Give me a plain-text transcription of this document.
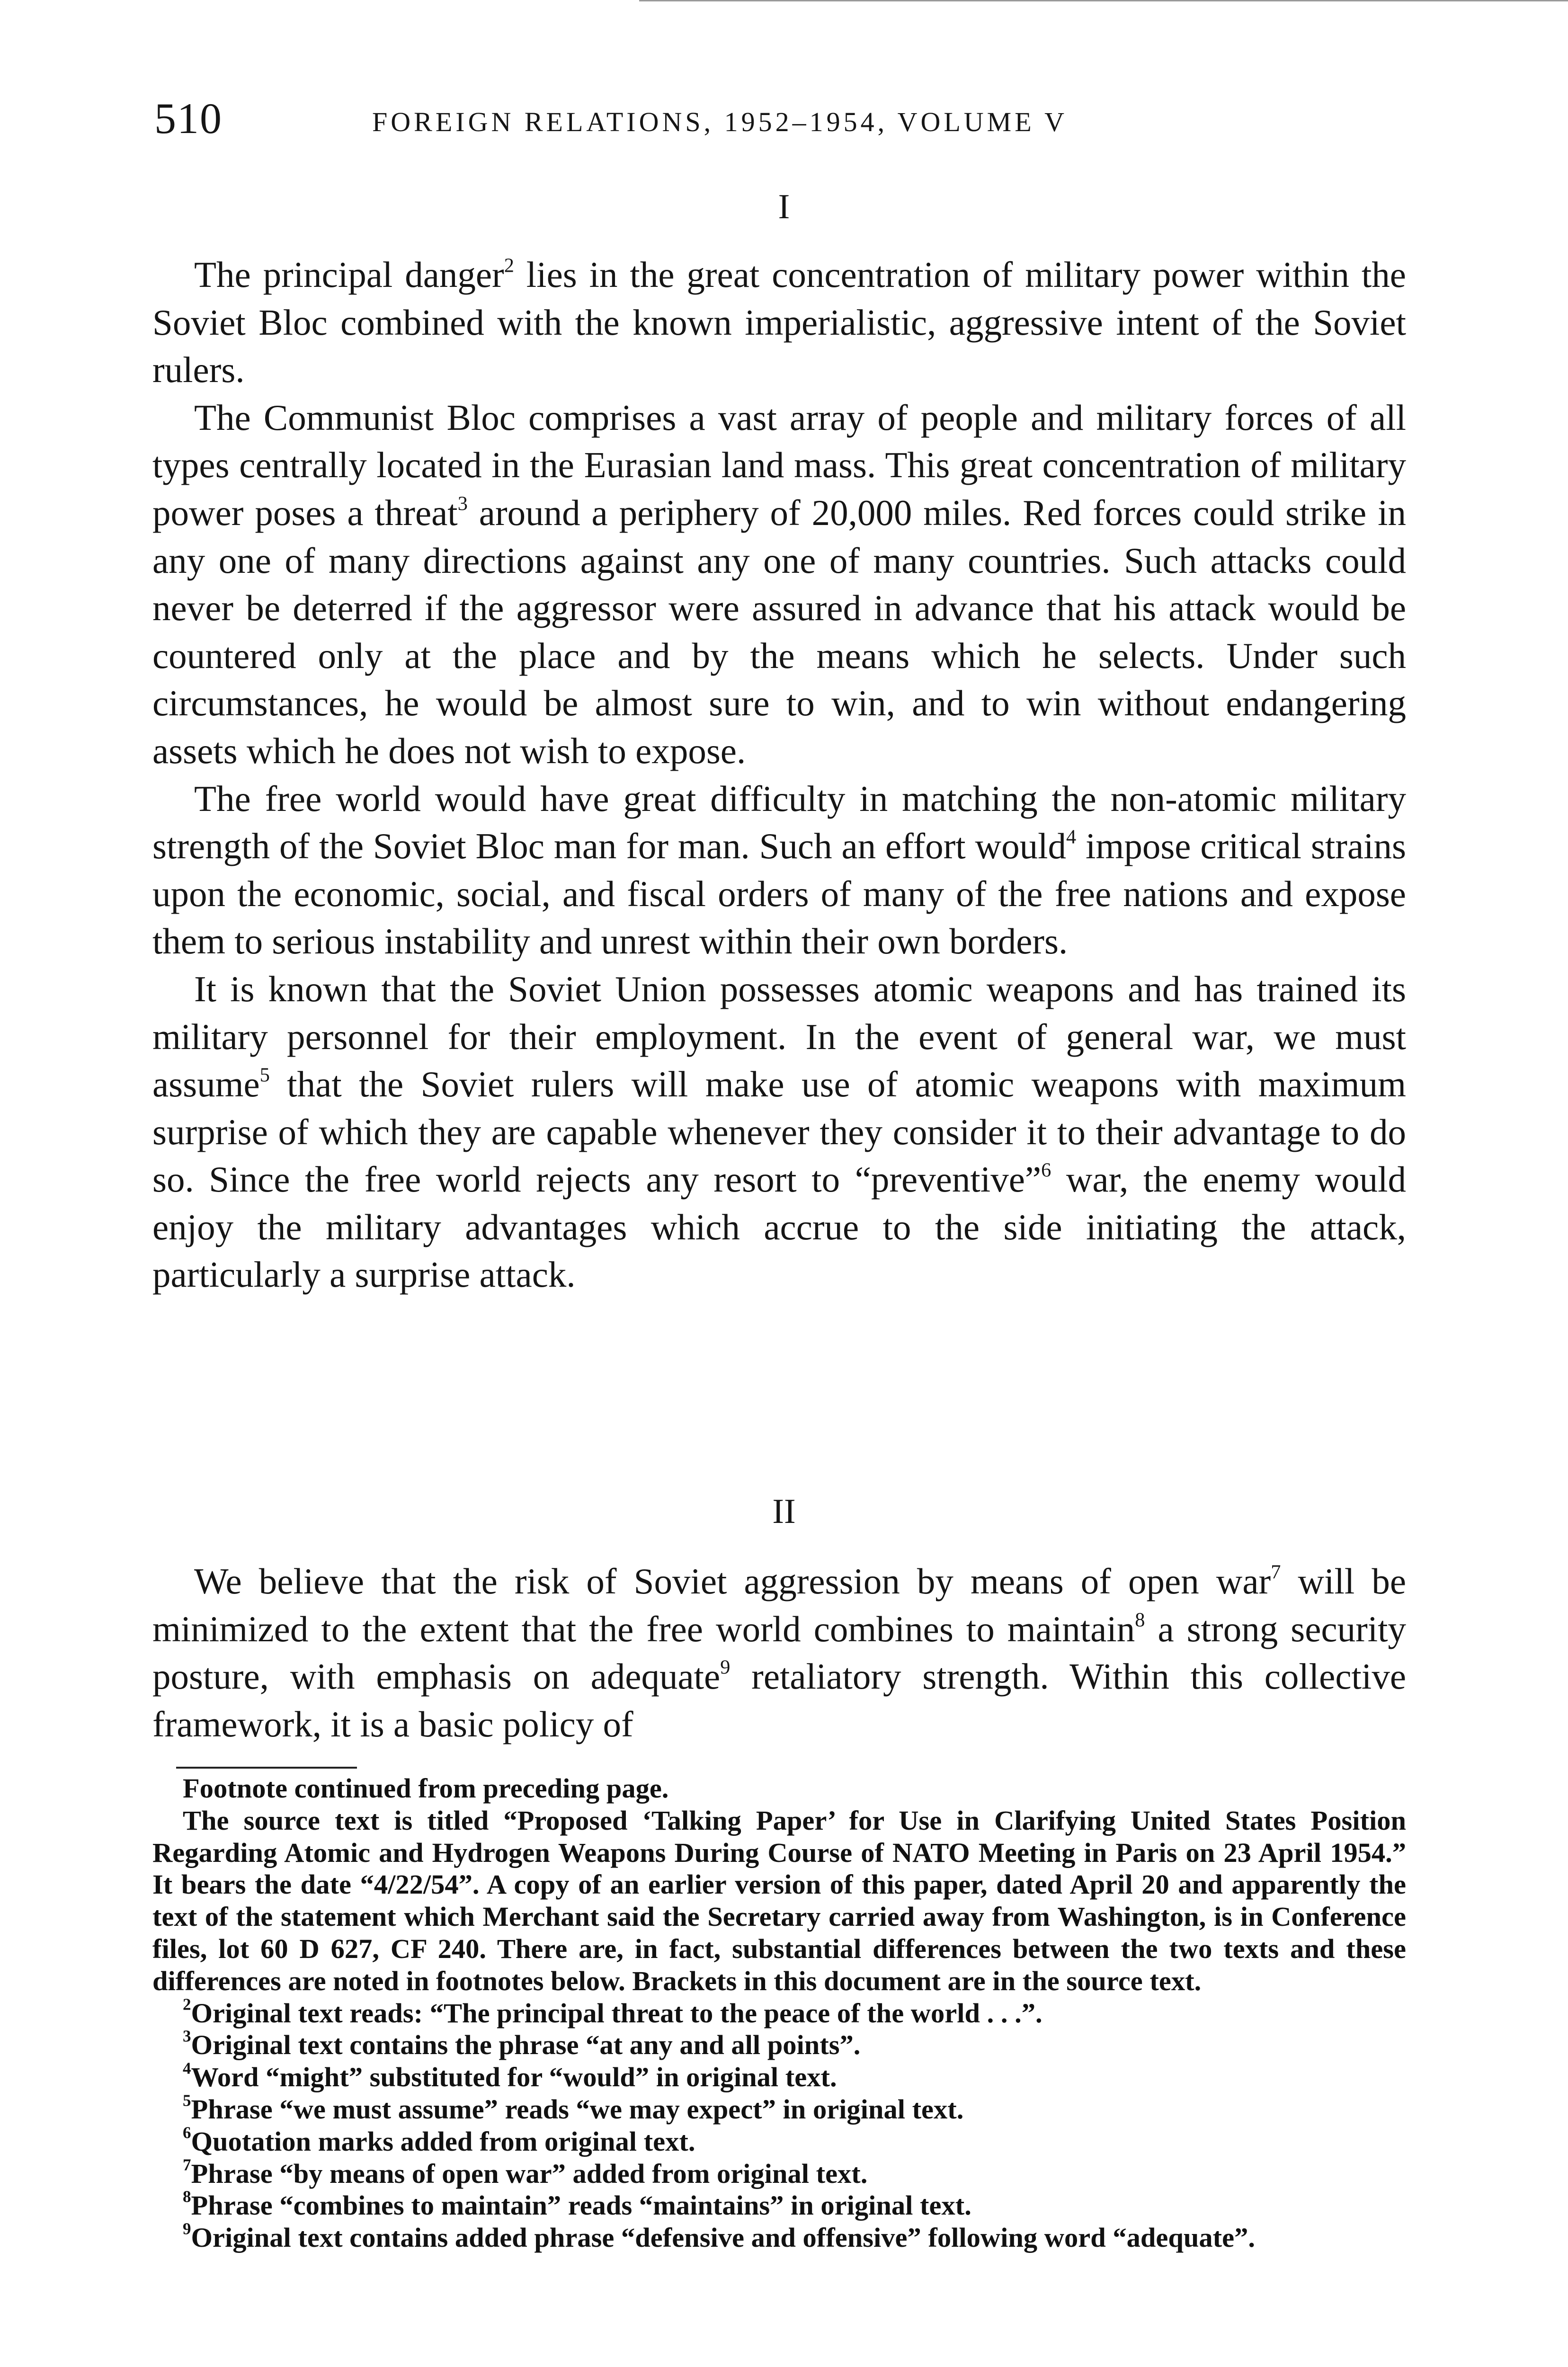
510	FOREIGN RELATIONS, 1952–1954, VOLUME V
I

The principal danger$^2$ lies in the great concentration of military power within the Soviet Bloc combined with the known imperialistic, aggressive intent of the Soviet rulers.

The Communist Bloc comprises a vast array of people and military forces of all types centrally located in the Eurasian land mass. This great concentration of military power poses a threat$^3$ around a periphery of 20,000 miles. Red forces could strike in any one of many directions against any one of many countries. Such attacks could never be deterred if the aggressor were assured in advance that his attack would be countered only at the place and by the means which he selects. Under such circumstances, he would be almost sure to win, and to win without endangering assets which he does not wish to expose.

The free world would have great difficulty in matching the non-atomic military strength of the Soviet Bloc man for man. Such an effort would$^4$ impose critical strains upon the economic, social, and fiscal orders of many of the free nations and expose them to serious instability and unrest within their own borders.

It is known that the Soviet Union possesses atomic weapons and has trained its military personnel for their employment. In the event of general war, we must assume$^5$ that the Soviet rulers will make use of atomic weapons with maximum surprise of which they are capable whenever they consider it to their advantage to do so. Since the free world rejects any resort to “preventive”$^6$ war, the enemy would enjoy the military advantages which accrue to the side initiating the attack, particularly a surprise attack.

II

We believe that the risk of Soviet aggression by means of open war$^7$ will be minimized to the extent that the free world combines to maintain$^8$ a strong security posture, with emphasis on adequate$^9$ retaliatory strength. Within this collective framework, it is a basic policy of

Footnote continued from preceding page.

The source text is titled “Proposed ‘Talking Paper’ for Use in Clarifying United States Position Regarding Atomic and Hydrogen Weapons During Course of NATO Meeting in Paris on 23 April 1954.” It bears the date “4/22/54”. A copy of an earlier version of this paper, dated April 20 and apparently the text of the statement which Merchant said the Secretary carried away from Washington, is in Conference files, lot 60 D 627, CF 240. There are, in fact, substantial differences between the two texts and these differences are noted in footnotes below. Brackets in this document are in the source text.

$^2$Original text reads: “The principal threat to the peace of the world . . .”.

$^3$Original text contains the phrase “at any and all points”.

$^4$Word “might” substituted for “would” in original text.

$^5$Phrase “we must assume” reads “we may expect” in original text.

$^6$Quotation marks added from original text.

$^7$Phrase “by means of open war” added from original text.

$^8$Phrase “combines to maintain” reads “maintains” in original text.

$^9$Original text contains added phrase “defensive and offensive” following word “adequate”.
